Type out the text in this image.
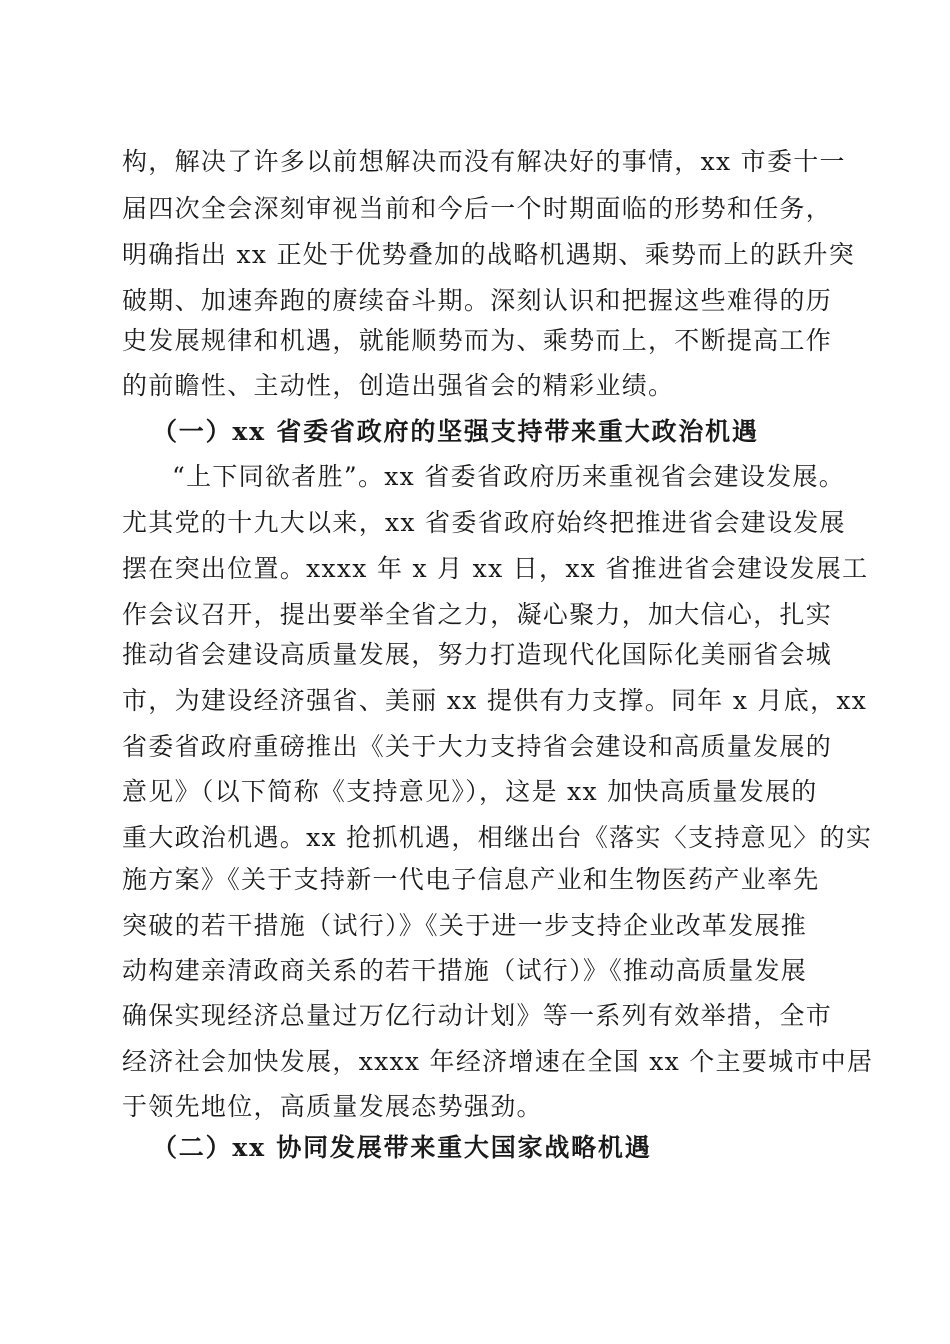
构，解决了许多以前想解决而没有解决好的事情，xx 市委十一
届四次全会深刻审视当前和今后一个时期面临的形势和任务，
明确指出 xx 正处于优势叠加的战略机遇期、乘势而上的跃升突
破期、加速奔跑的赓续奋斗期。深刻认识和把握这些难得的历
史发展规律和机遇，就能顺势而为、乘势而上，不断提高工作
的前瞻性、主动性，创造出强省会的精彩业绩。
（一）xx 省委省政府的坚强支持带来重大政治机遇
“上下同欲者胜”。xx 省委省政府历来重视省会建设发展。
尤其党的十九大以来，xx 省委省政府始终把推进省会建设发展
摆在突出位置。xxxx 年 x 月 xx 日，xx 省推进省会建设发展工
作会议召开，提出要举全省之力，凝心聚力，加大信心，扎实
推动省会建设高质量发展，努力打造现代化国际化美丽省会城
市，为建设经济强省、美丽 xx 提供有力支撑。同年 x 月底，xx
省委省政府重磅推出《关于大力支持省会建设和高质量发展的
意见》（以下简称《支持意见》），这是 xx 加快高质量发展的
重大政治机遇。xx 抢抓机遇，相继出台《落实〈支持意见〉的实
施方案》《关于支持新一代电子信息产业和生物医药产业率先
突破的若干措施（试行）》《关于进一步支持企业改革发展推
动构建亲清政商关系的若干措施（试行）》《推动高质量发展
确保实现经济总量过万亿行动计划》等一系列有效举措，全市
经济社会加快发展，xxxx 年经济增速在全国 xx 个主要城市中居
于领先地位，高质量发展态势强劲。
（二）xx 协同发展带来重大国家战略机遇
